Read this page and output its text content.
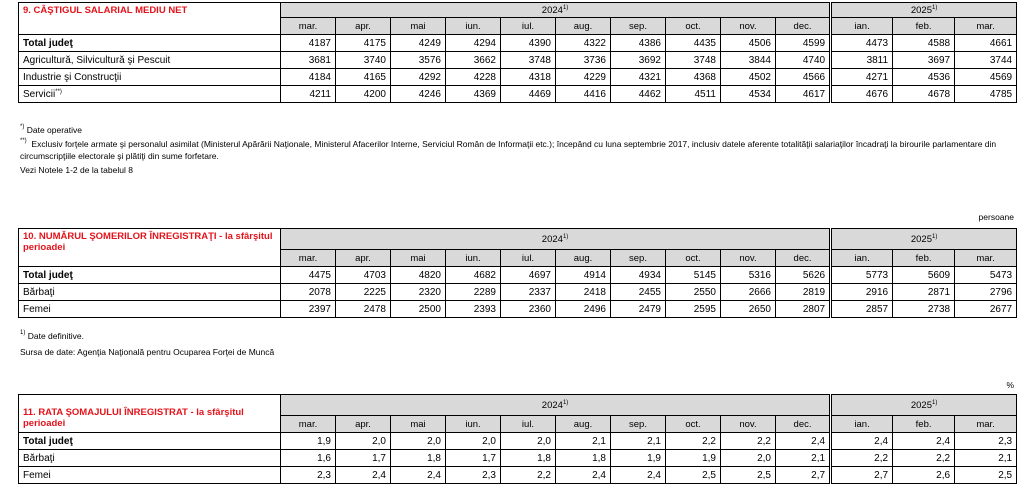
9. CÂŞTIGUL SALARIAL MEDIU NET	2024$^{1)}$										2025$^{1)}$
	mar.	apr.	mai	iun.	iul.	aug.	sep.	oct.	nov.	dec.	ian.	feb.	mar.
Total judeţ	4187	4175	4249	4294	4390	4322	4386	4435	4506	4599	4473	4588	4661
Agricultură, Silvicultură şi Pescuit	3681	3740	3576	3662	3748	3736	3692	3748	3844	4740	3811	3697	3744
Industrie şi Construcţii	4184	4165	4292	4228	4318	4229	4321	4368	4502	4566	4271	4536	4569
Servicii**)	4211	4200	4246	4369	4469	4416	4462	4511	4534	4617	4676	4678	4785
*) Date operative
**) Exclusiv forţele armate şi personalul asimilat (Ministerul Apărării Naţionale, Ministerul Afacerilor Interne, Serviciul Român de Informaţii etc.); începând cu luna septembrie 2017, inclusiv datele aferente totalităţii salariaţilor încadraţi la birourile parlamentare din
circumscripţiile electorale şi plătiţi din sume forfetare.
Vezi Notele 1-2 de la tabelul 8
persoane
10. NUMĂRUL ŞOMERILOR ÎNREGISTRAŢI - la sfârşitul perioadei	2024$^{1)}$										2025$^{1)}$
	mar.	apr.	mai	iun.	iul.	aug.	sep.	oct.	nov.	dec.	ian.	feb.	mar.
Total judeţ	4475	4703	4820	4682	4697	4914	4934	5145	5316	5626	5773	5609	5473
Bărbaţi	2078	2225	2320	2289	2337	2418	2455	2550	2666	2819	2916	2871	2796
Femei	2397	2478	2500	2393	2360	2496	2479	2595	2650	2807	2857	2738	2677
$^{1)}$ Date definitive.
Sursa de date: Agenţia Naţională pentru Ocuparea Forţei de Muncă
%
11. RATA ŞOMAJULUI ÎNREGISTRAT - la sfârşitul perioadei	2024$^{1)}$										2025$^{1)}$
	mar.	apr.	mai	iun.	iul.	aug.	sep.	oct.	nov.	dec.	ian.	feb.	mar.
Total judeţ	1,9	2,0	2,0	2,0	2,0	2,1	2,1	2,2	2,2	2,4	2,4	2,4	2,3
Bărbaţi	1,6	1,7	1,8	1,7	1,8	1,8	1,9	1,9	2,0	2,1	2,2	2,2	2,1
Femei	2,3	2,4	2,4	2,3	2,2	2,4	2,4	2,5	2,5	2,7	2,7	2,6	2,5
